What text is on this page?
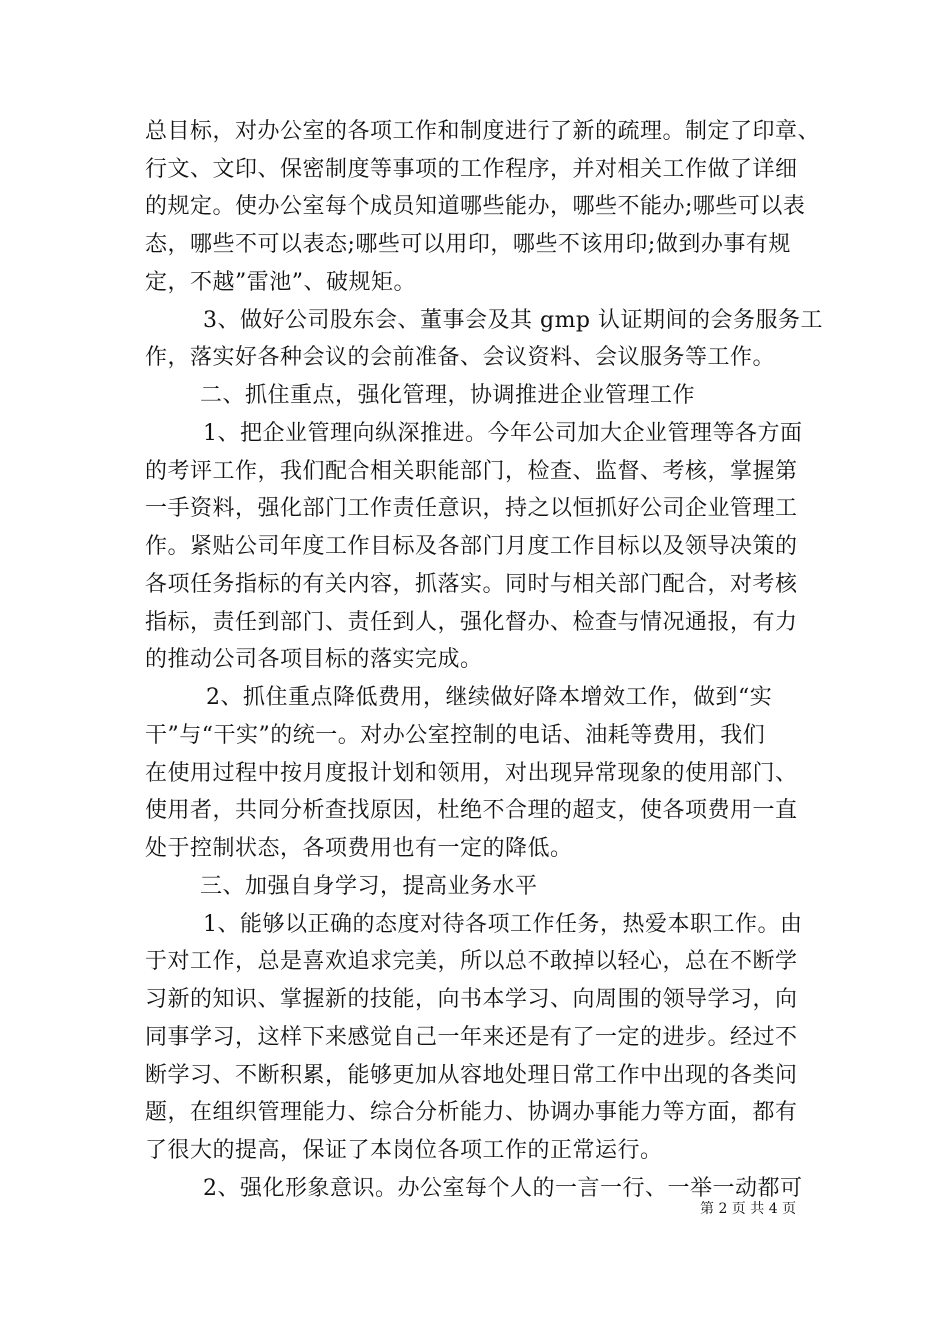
总目标，对办公室的各项工作和制度进行了新的疏理。制定了印章、
行文、文印、保密制度等事项的工作程序，并对相关工作做了详细
的规定。使办公室每个成员知道哪些能办，哪些不能办;哪些可以表
态，哪些不可以表态;哪些可以用印，哪些不该用印;做到办事有规
定，不越”雷池”、破规矩。
3、做好公司股东会、董事会及其 gmp 认证期间的会务服务工
作，落实好各种会议的会前准备、会议资料、会议服务等工作。
二、抓住重点，强化管理，协调推进企业管理工作
1、把企业管理向纵深推进。今年公司加大企业管理等各方面
的考评工作，我们配合相关职能部门，检查、监督、考核，掌握第
一手资料，强化部门工作责任意识，持之以恒抓好公司企业管理工
作。紧贴公司年度工作目标及各部门月度工作目标以及领导决策的
各项任务指标的有关内容，抓落实。同时与相关部门配合，对考核
指标，责任到部门、责任到人，强化督办、检查与情况通报，有力
的推动公司各项目标的落实完成。
2、抓住重点降低费用，继续做好降本增效工作，做到“实
干”与“干实”的统一。对办公室控制的电话、油耗等费用，我们
在使用过程中按月度报计划和领用，对出现异常现象的使用部门、
使用者，共同分析查找原因，杜绝不合理的超支，使各项费用一直
处于控制状态，各项费用也有一定的降低。
三、加强自身学习，提高业务水平
1、能够以正确的态度对待各项工作任务，热爱本职工作。由
于对工作，总是喜欢追求完美，所以总不敢掉以轻心，总在不断学
习新的知识、掌握新的技能，向书本学习、向周围的领导学习，向
同事学习，这样下来感觉自己一年来还是有了一定的进步。经过不
断学习、不断积累，能够更加从容地处理日常工作中出现的各类问
题，在组织管理能力、综合分析能力、协调办事能力等方面，都有
了很大的提高，保证了本岗位各项工作的正常运行。
2、强化形象意识。办公室每个人的一言一行、一举一动都可
第 2 页 共 4 页
